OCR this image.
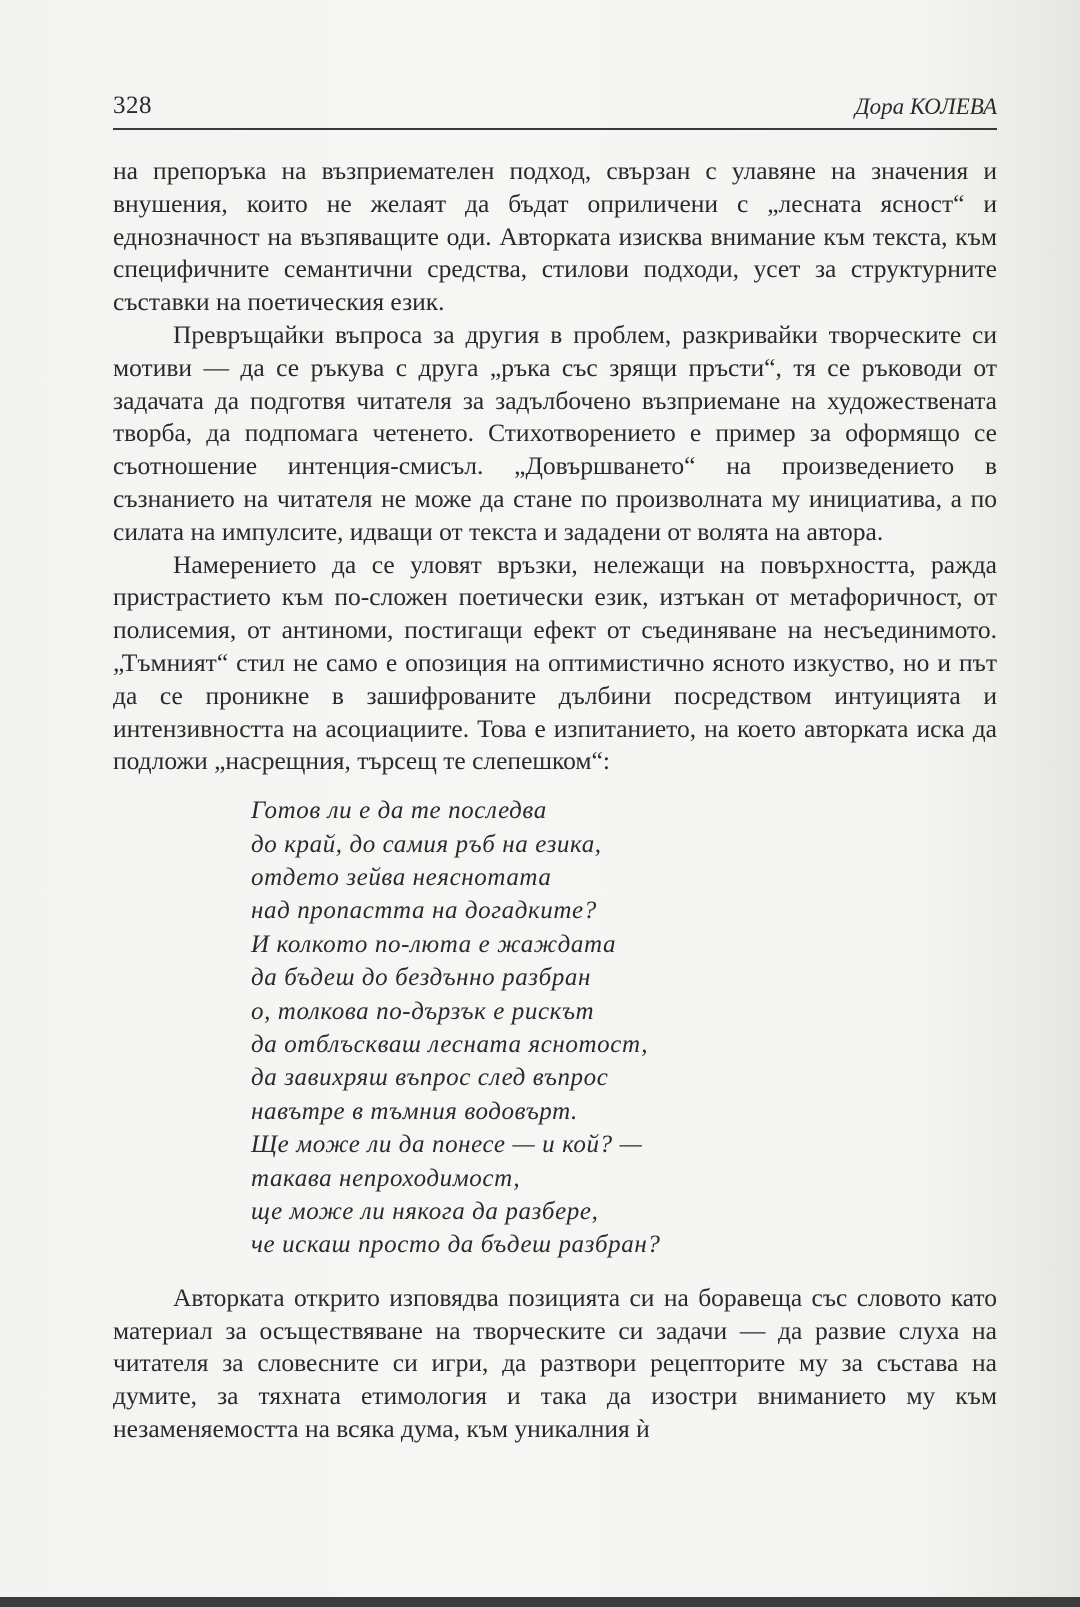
328	Дора КОЛЕВА

на препоръка на възприемателен подход, свързан с улавяне на значения и внушения, които не желаят да бъдат оприличени с „лесната ясност“ и еднозначност на възпяващите оди. Авторката изисква внимание към текста, към специфичните семантични средства, стилови подходи, усет за структурните съставки на поетическия език.

Превръщайки въпроса за другия в проблем, разкривайки творческите си мотиви — да се ръкува с друга „ръка със зрящи пръсти“, тя се ръководи от задачата да подготвя читателя за задълбочено възприемане на художествената творба, да подпомага четенето. Стихотворението е пример за оформящо се съотношение интенция-смисъл. „Довършването“ на произведението в съзнанието на читателя не може да стане по произволната му инициатива, а по силата на импулсите, идващи от текста и зададени от волята на автора.

Намерението да се уловят връзки, нележащи на повърхността, ражда пристрастието към по-сложен поетически език, изтъкан от метафоричност, от полисемия, от антиноми, постигащи ефект от съединяване на несъединимото. „Тъмният“ стил не само е опозиция на оптимистично ясното изкуство, но и път да се проникне в зашифрованите дълбини посредством интуицията и интензивността на асоциациите. Това е изпитанието, на което авторката иска да подложи „насрещния, търсещ те слепешком“:

Готов ли е да те последва
до край, до самия ръб на езика,
отдето зейва неяснотата
над пропастта на догадките?
И колкото по-люта е жаждата
да бъдеш до бездънно разбран
о, толкова по-дързък е рискът
да отблъскваш лесната яснотост,
да завихряш въпрос след въпрос
навътре в тъмния водовърт.
Ще може ли да понесе — и кой? —
такава непроходимост,
ще може ли някога да разбере,
че искаш просто да бъдеш разбран?

Авторката открито изповядва позицията си на боравеща със словото като материал за осъществяване на творческите си задачи — да развие слуха на читателя за словесните си игри, да разтвори рецепторите му за състава на думите, за тяхната етимология и така да изостри вниманието му към незаменяемостта на всяка дума, към уникалния ѝ
